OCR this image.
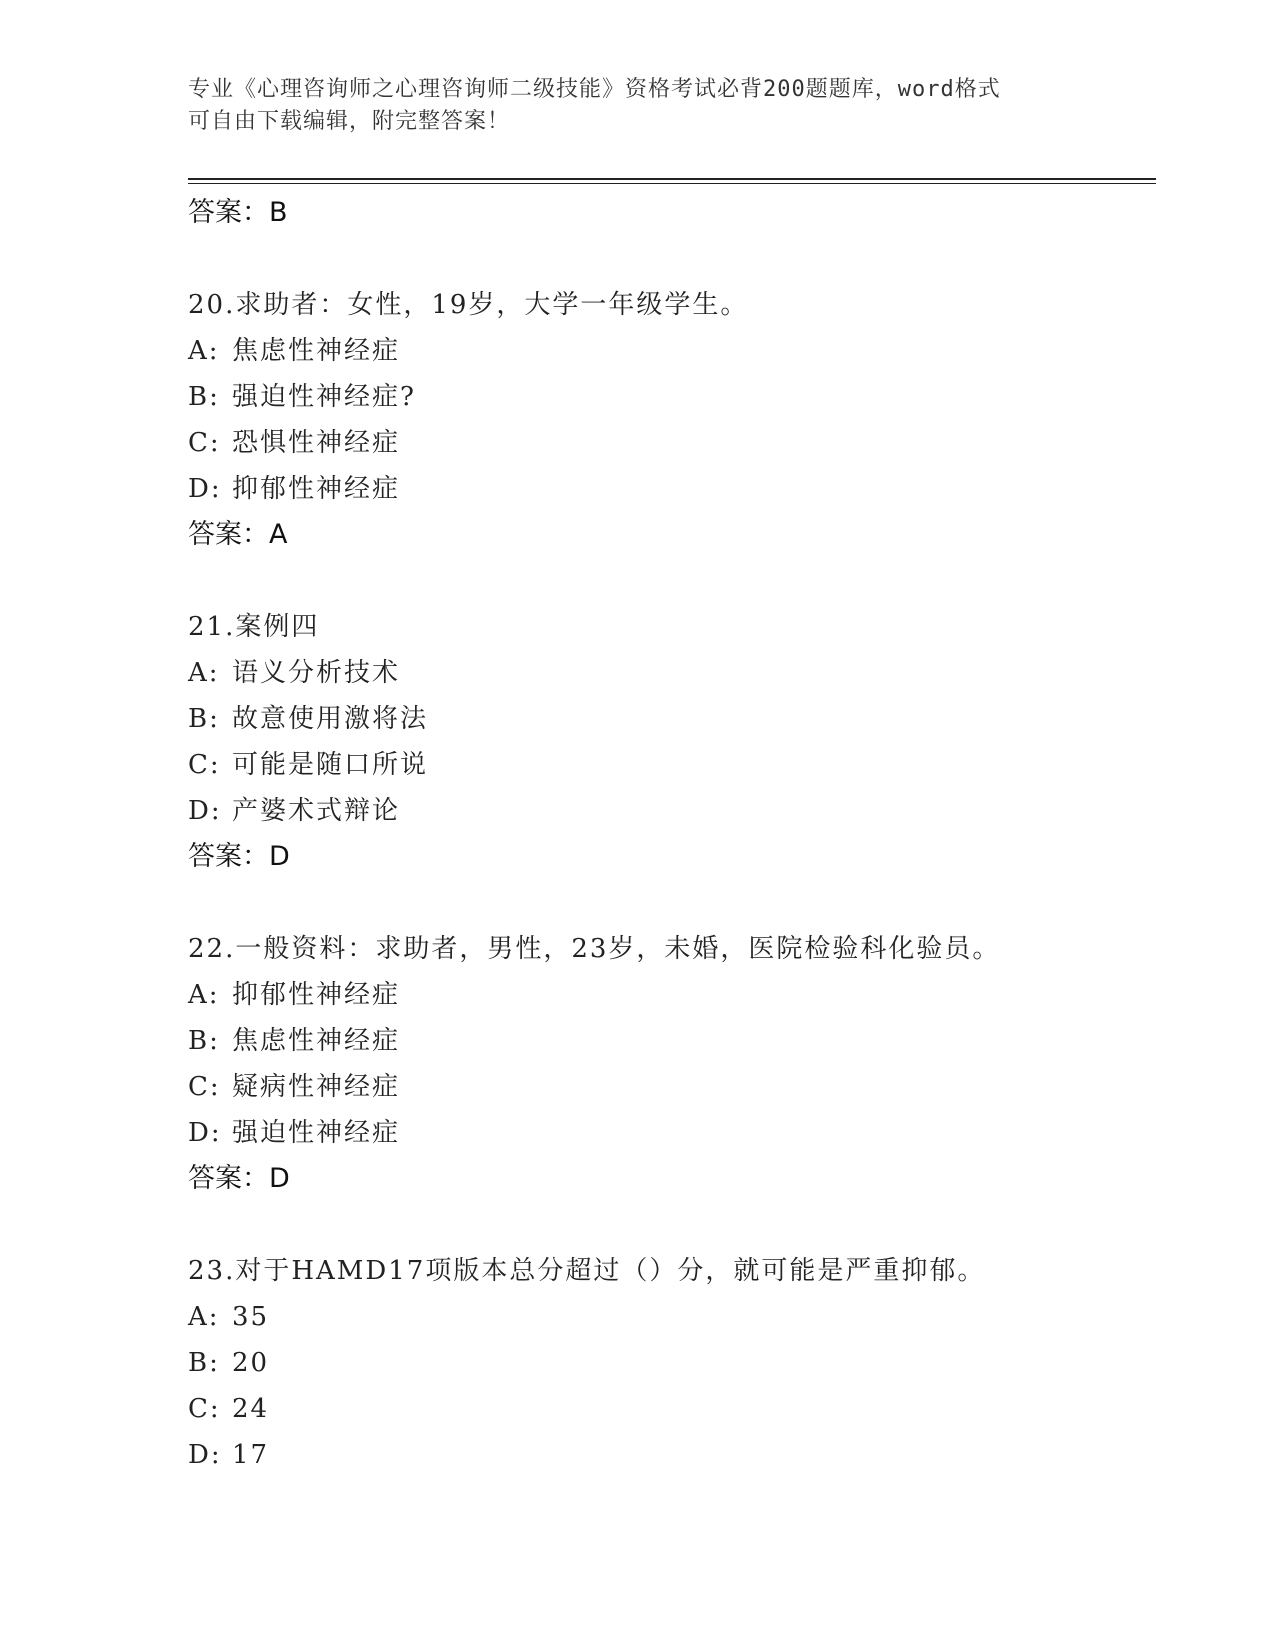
专业《心理咨询师之心理咨询师二级技能》资格考试必背200题题库，word格式
可自由下载编辑，附完整答案！
答案：B
20.求助者：女性，19岁，大学一年级学生。
A: 焦虑性神经症
B: 强迫性神经症?
C: 恐惧性神经症
D: 抑郁性神经症
答案：A
21.案例四
A: 语义分析技术
B: 故意使用激将法
C: 可能是随口所说
D: 产婆术式辩论
答案：D
22.一般资料：求助者，男性，23岁，未婚，医院检验科化验员。
A: 抑郁性神经症
B: 焦虑性神经症
C: 疑病性神经症
D: 强迫性神经症
答案：D
23.对于HAMD17项版本总分超过（）分，就可能是严重抑郁。
A: 35
B: 20
C: 24
D: 17
